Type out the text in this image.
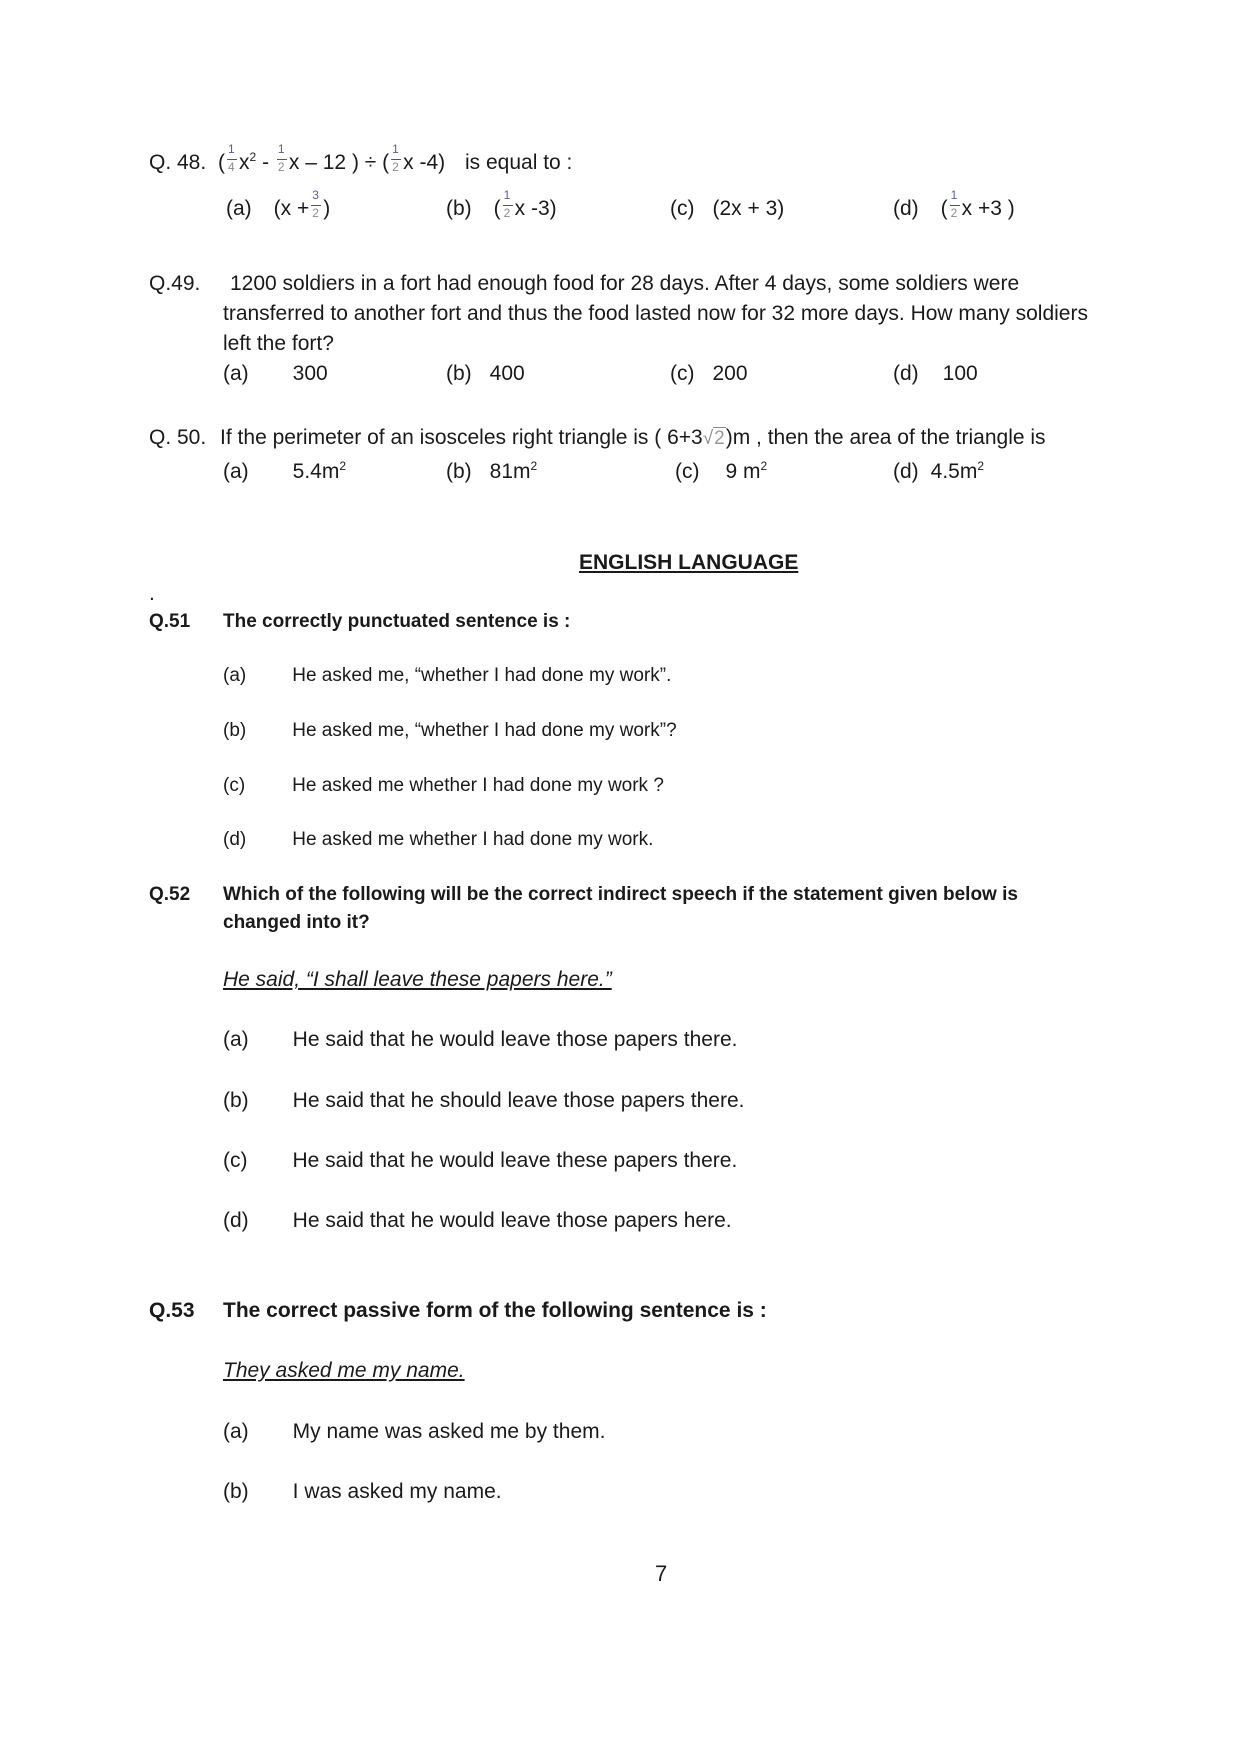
Q. 48. ( $\frac{1}{4} x^2 - \frac{1}{2}$ x – 12 ) ÷ ( $\frac{1}{2}$ x -4) is equal to :
(a) ($x + \frac{3}{2}$ )	(b) ( $\frac{1}{2}$ x -3)	(c) (2x + 3)	(d) ( $\frac{1}{2}$ x +3 )
Q.49. 1200 soldiers in a fort had enough food for 28 days. After 4 days, some soldiers were
transferred to another fort and thus the food lasted now for 32 more days. How many soldiers
left the fort?
(a) 300	(b) 400	(c) 200	(d) 100
Q. 50. If the perimeter of an isosceles right triangle is ( 6+3√2)m , then the area of the triangle is
(a) $5.4m^2$	(b) $81m^2$	(c) 9 $m^2$	(d) $4.5m^2$
ENGLISH LANGUAGE
.
Q.51 The correctly punctuated sentence is :
(a) He asked me, “whether I had done my work”.
(b) He asked me, “whether I had done my work”?
(c) He asked me whether I had done my work ?
(d) He asked me whether I had done my work.
Q.52 Which of the following will be the correct indirect speech if the statement given below is
changed into it?
He said, “I shall leave these papers here.”
(a) He said that he would leave those papers there.
(b) He said that he should leave those papers there.
(c) He said that he would leave these papers there.
(d) He said that he would leave those papers here.
Q.53 The correct passive form of the following sentence is :
They asked me my name.
(a) My name was asked me by them.
(b) I was asked my name.
7
